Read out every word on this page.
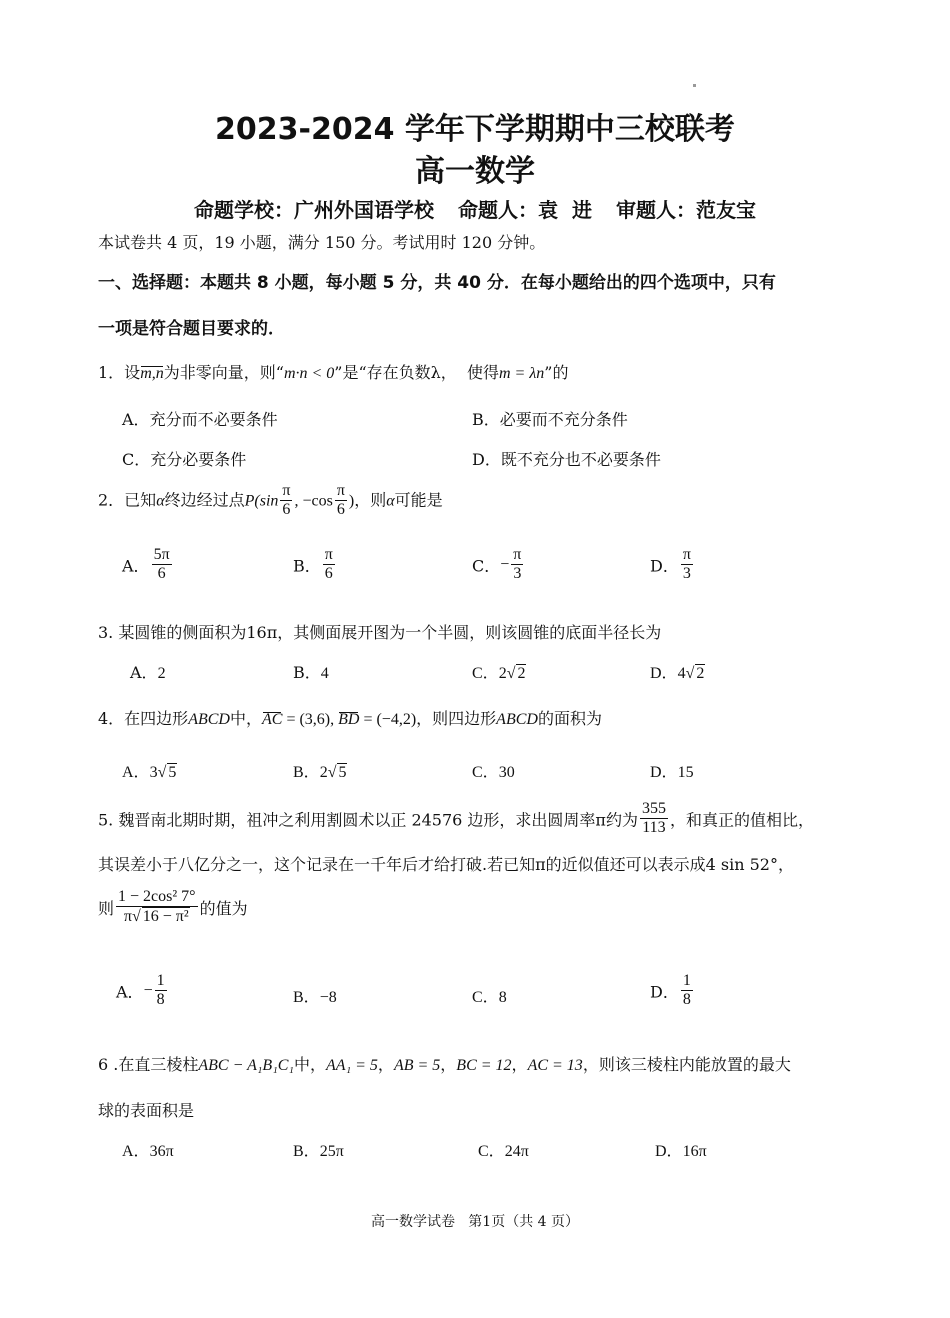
2023-2024 学年下学期期中三校联考
高一数学
命题学校：广州外国语学校 命题人：袁  进 审题人：范友宝
本试卷共 4 页，19 小题，满分 150 分。考试用时 120 分钟。
一、选择题：本题共 8 小题，每小题 5 分，共 40 分．在每小题给出的四个选项中，只有
一项是符合题目要求的．
1．设m,n为非零向量，则“m·n < 0”是“存在负数λ，  使得m = λn”的
A．充分而不必要条件	B．必要而不充分条件
C．充分必要条件	D．既不充分也不必要条件
2．已知α终边经过点$P(\sin \frac{\pi}{6}$ , $-\cos \frac{\pi}{6}$ )，则α可能是
A． $\frac{5\pi}{6}$	B． $\frac{\pi}{6}$	C．− $\frac{\pi}{3}$	D． $\frac{\pi}{3}$
3. 某圆锥的侧面积为16π，其侧面展开图为一个半圆，则该圆锥的底面半径长为
A．2	B．4	C．2√ 2	D．4√ 2
4．在四边形ABCD中，AC = (3,6), BD = (−4,2)，则四边形ABCD的面积为
A．3√ 5	B．2√ 5	C．30	D．15
5. 魏晋南北期时期，祖冲之利用割圆术以正 24576 边形，求出圆周率π约为 $\frac{355}{113}$ ，和真正的值相比，
其误差小于八亿分之一，这个记录在一千年后才给打破.若已知π的近似值还可以表示成4 sin 52°，
则 $\frac{\text{1 − 2cos² 7°}}{\text{π√ 16 − π²}}$ 的值为
A．− $\frac{1}{8}$	B．−8	C．8	D． $\frac{1}{8}$
6 .在直三棱柱ABC − A₁B₁C₁中，AA₁ = 5，AB = 5，BC = 12，AC = 13，则该三棱柱内能放置的最大
球的表面积是
A．36π	B．25π	C．24π	D．16π
高一数学试卷   第1页（共 4 页）
